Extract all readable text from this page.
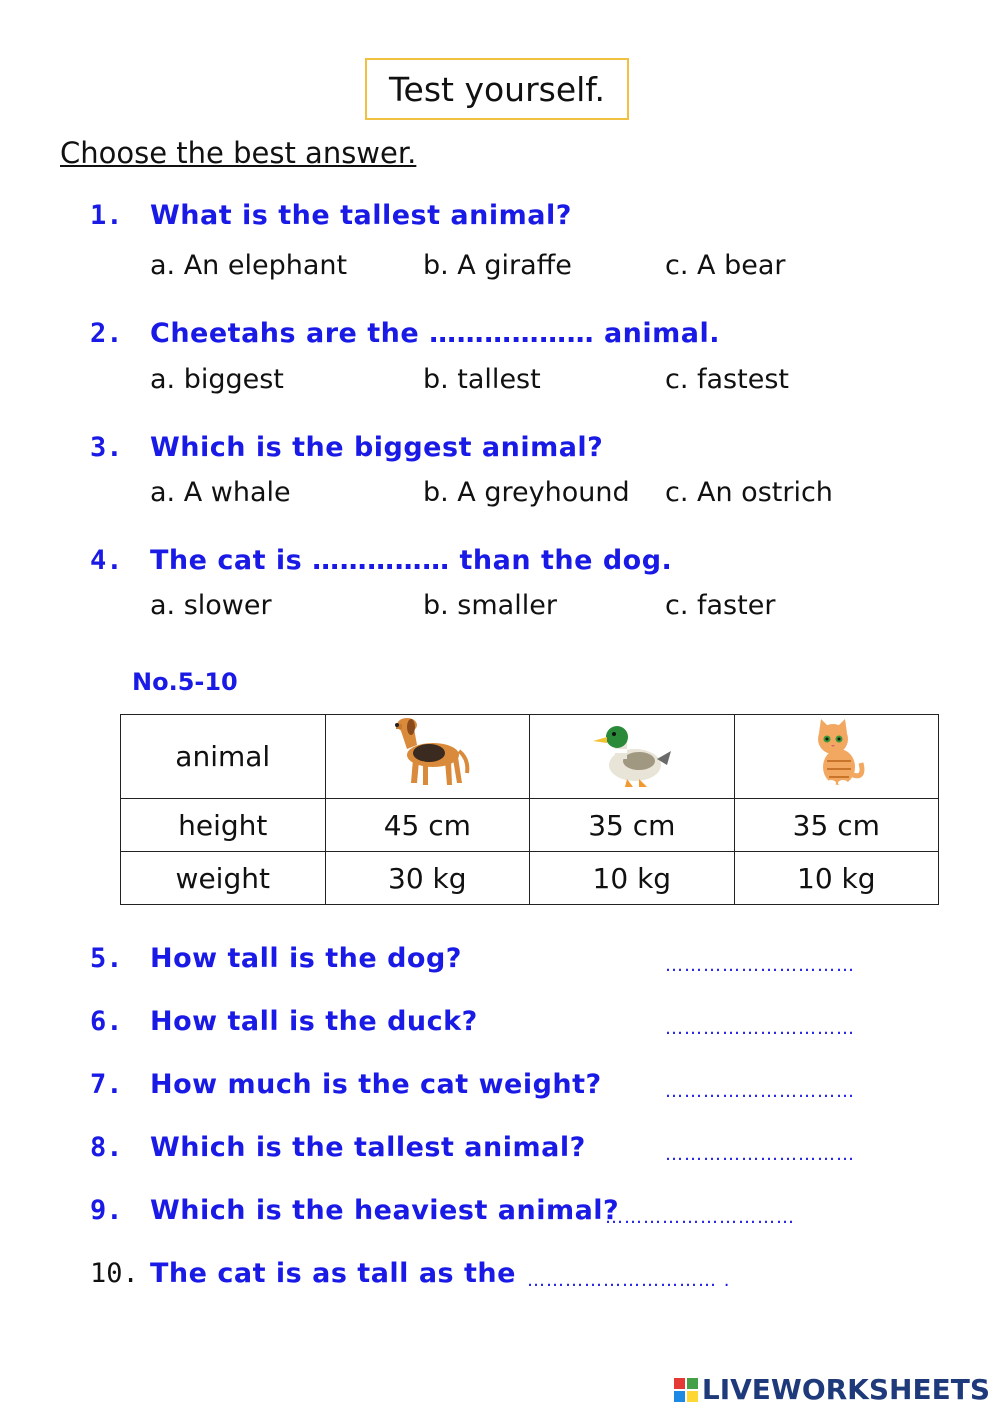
Test yourself.
Choose the best answer.
1. What is the tallest animal?
a. An elephant	b. A giraffe	c. A bear
2. Cheetahs are the ……………… animal.
a. biggest	b. tallest	c. fastest
3. Which is the biggest animal?
a. A whale	b. A greyhound c. An ostrich
4. The cat is …………… than the dog.
a. slower	b. smaller	c. faster
No.5-10
animal			
height	45 cm	35 cm	35 cm
weight	30 kg	10 kg	10 kg
5. How tall is the dog?	…………………………
6. How tall is the duck?	…………………………
7. How much is the cat weight?	…………………………
8. Which is the tallest animal?	…………………………
9. Which is the heaviest animal?
…………………………
10. The cat is as tall as the ………………………… .
LIVEWORKSHEETS
